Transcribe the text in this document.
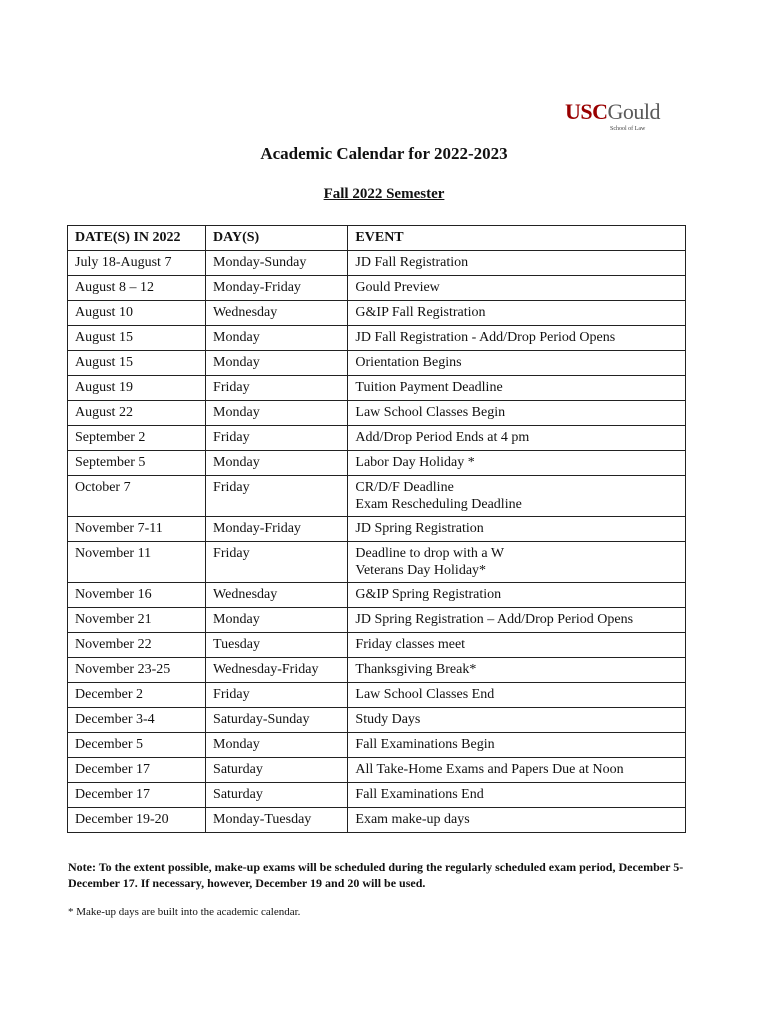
USCGould
School of Law
Academic Calendar for 2022-2023
Fall 2022 Semester
DATE(S) IN 2022	DAY(S)	EVENT
July 18-August 7	Monday-Sunday	JD Fall Registration

August 8 – 12	Monday-Friday	Gould Preview

August 10	Wednesday	G&IP Fall Registration

August 15	Monday	JD Fall Registration - Add/Drop Period Opens

August 15	Monday	Orientation Begins

August 19	Friday	Tuition Payment Deadline

August 22	Monday	Law School Classes Begin

September 2	Friday	Add/Drop Period Ends at 4 pm

September 5	Monday	Labor Day Holiday *

October 7	Friday	CR/D/F Deadline
Exam Rescheduling Deadline

November 7-11	Monday-Friday	JD Spring Registration

November 11	Friday	Deadline to drop with a W
Veterans Day Holiday*

November 16	Wednesday	G&IP Spring Registration

November 21	Monday	JD Spring Registration – Add/Drop Period Opens

November 22	Tuesday	Friday classes meet

November 23-25	Wednesday-Friday	Thanksgiving Break*

December 2	Friday	Law School Classes End

December 3-4	Saturday-Sunday	Study Days

December 5	Monday	Fall Examinations Begin

December 17	Saturday	All Take-Home Exams and Papers Due at Noon

December 17	Saturday	Fall Examinations End

December 19-20	Monday-Tuesday	Exam make-up days
Note: To the extent possible, make-up exams will be scheduled during the regularly scheduled exam period, December 5- December 17. If necessary, however, December 19 and 20 will be used.
* Make-up days are built into the academic calendar.
